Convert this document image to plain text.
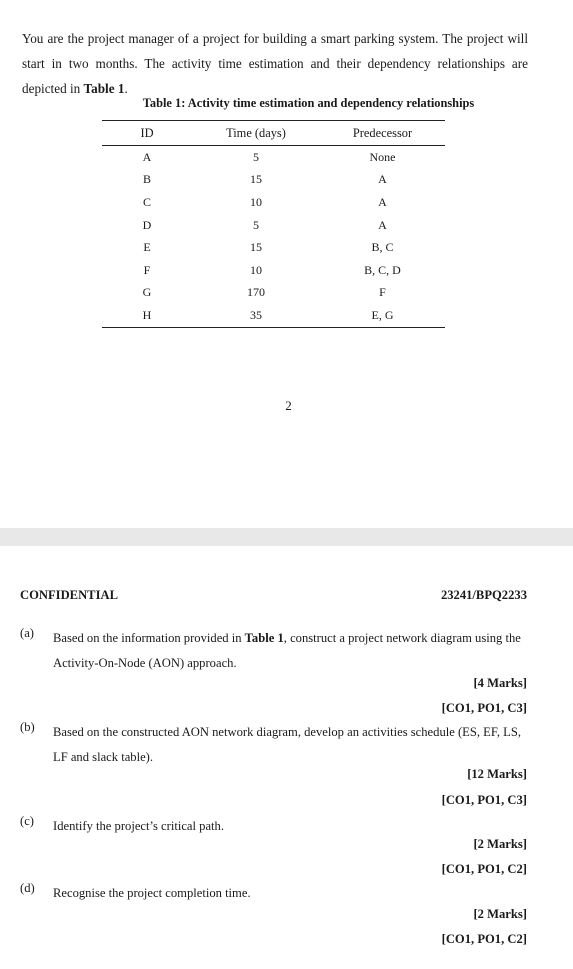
You are the project manager of a project for building a smart parking system. The project will start in two months. The activity time estimation and their dependency relationships are depicted in Table 1.

Table 1: Activity time estimation and dependency relationships

ID	Time (days)	Predecessor
A	5	None
B	15	A
C	10	A
D	5	A
E	15	B, C
F	10	B, C, D
G	170	F
H	35	E, G

2

CONFIDENTIAL	23241/BPQ2233

(a) Based on the information provided in Table 1, construct a project network diagram using the Activity-On-Node (AON) approach.

[4 Marks]

[CO1, PO1, C3]

(b) Based on the constructed AON network diagram, develop an activities schedule (ES, EF, LS, LF and slack table).

[12 Marks]

[CO1, PO1, C3]

(c) Identify the project’s critical path.

[2 Marks]

[CO1, PO1, C2]

(d) Recognise the project completion time.

[2 Marks]

[CO1, PO1, C2]
